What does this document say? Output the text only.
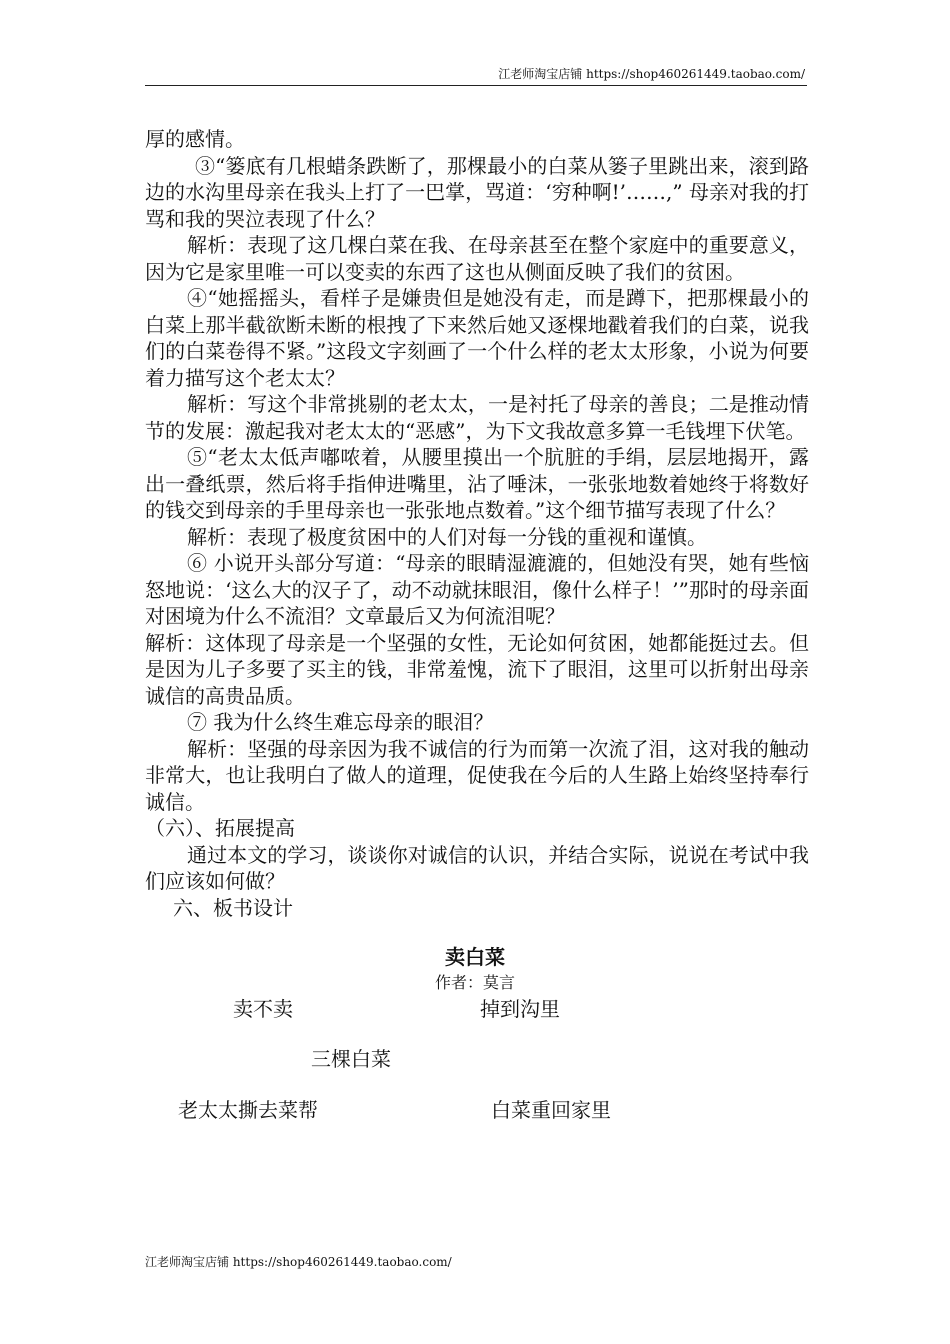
江老师淘宝店铺 https://shop460261449.taobao.com/

厚的感情。

③“篓底有几根蜡条跌断了，那棵最小的白菜从篓子里跳出来，滚到路边的水沟里母亲在我头上打了一巴掌，骂道：‘穷种啊!’……,” 母亲对我的打骂和我的哭泣表现了什么？

解析：表现了这几棵白菜在我、在母亲甚至在整个家庭中的重要意义，因为它是家里唯一可以变卖的东西了这也从侧面反映了我们的贫困。

④“她摇摇头，看样子是嫌贵但是她没有走，而是蹲下，把那棵最小的白菜上那半截欲断未断的根拽了下来然后她又逐棵地戳着我们的白菜，说我们的白菜卷得不紧。”这段文字刻画了一个什么样的老太太形象，小说为何要着力描写这个老太太？

解析：写这个非常挑剔的老太太，一是衬托了母亲的善良；二是推动情节的发展：激起我对老太太的“恶感”，为下文我故意多算一毛钱埋下伏笔。

⑤“老太太低声嘟哝着，从腰里摸出一个肮脏的手绢，层层地揭开，露出一叠纸票，然后将手指伸进嘴里，沾了唾沫，一张张地数着她终于将数好的钱交到母亲的手里母亲也一张张地点数着。”这个细节描写表现了什么？

解析：表现了极度贫困中的人们对每一分钱的重视和谨慎。

⑥ 小说开头部分写道：“母亲的眼睛湿漉漉的，但她没有哭，她有些恼怒地说：‘这么大的汉子了，动不动就抹眼泪，像什么样子！’”那时的母亲面对困境为什么不流泪？文章最后又为何流泪呢？

解析：这体现了母亲是一个坚强的女性，无论如何贫困，她都能挺过去。但是因为儿子多要了买主的钱，非常羞愧，流下了眼泪，这里可以折射出母亲诚信的高贵品质。

⑦ 我为什么终生难忘母亲的眼泪？

解析：坚强的母亲因为我不诚信的行为而第一次流了泪，这对我的触动非常大，也让我明白了做人的道理，促使我在今后的人生路上始终坚持奉行诚信。

（六）、拓展提高

通过本文的学习，谈谈你对诚信的认识，并结合实际，说说在考试中我们应该如何做？

六、板书设计

卖白菜
作者：莫言
卖不卖	掉到沟里
三棵白菜
老太太撕去菜帮	白菜重回家里
江老师淘宝店铺 https://shop460261449.taobao.com/
